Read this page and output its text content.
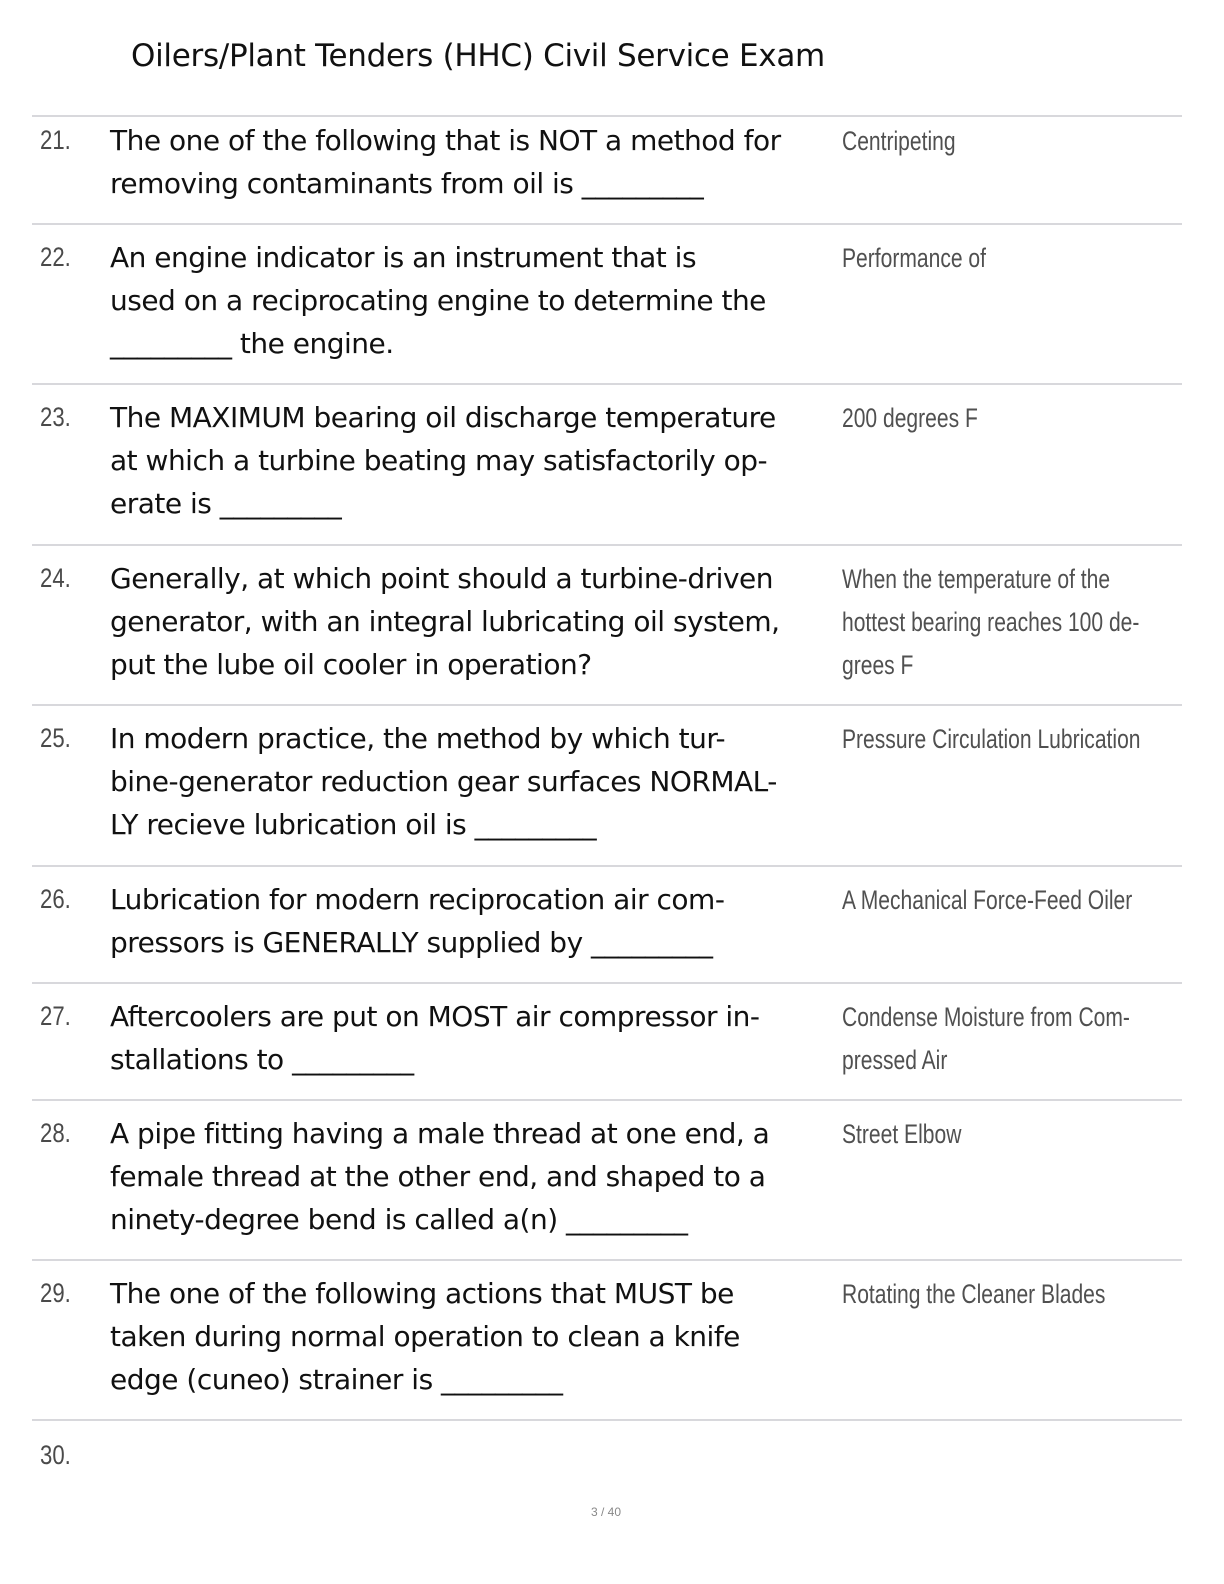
Oilers/Plant Tenders (HHC) Civil Service Exam
21. The one of the following that is NOT a method for
removing contaminants from oil is _________
Centripeting
22. An engine indicator is an instrument that is
used on a reciprocating engine to determine the
_________ the engine.
Performance of
23. The MAXIMUM bearing oil discharge temperature
at which a turbine beating may satisfactorily op-
erate is _________
200 degrees F
24. Generally, at which point should a turbine-driven
generator, with an integral lubricating oil system,
put the lube oil cooler in operation?
When the temperature of the
hottest bearing reaches 100 de-
grees F
25. In modern practice, the method by which tur-
bine-generator reduction gear surfaces NORMAL-
LY recieve lubrication oil is _________
Pressure Circulation Lubrication
26. Lubrication for modern reciprocation air com-
pressors is GENERALLY supplied by _________
A Mechanical Force-Feed Oiler
27. Aftercoolers are put on MOST air compressor in-
stallations to _________
Condense Moisture from Com-
pressed Air
28. A pipe fitting having a male thread at one end, a
female thread at the other end, and shaped to a
ninety-degree bend is called a(n) _________
Street Elbow
29. The one of the following actions that MUST be
taken during normal operation to clean a knife
edge (cuneo) strainer is _________
Rotating the Cleaner Blades
30.
3 / 40
